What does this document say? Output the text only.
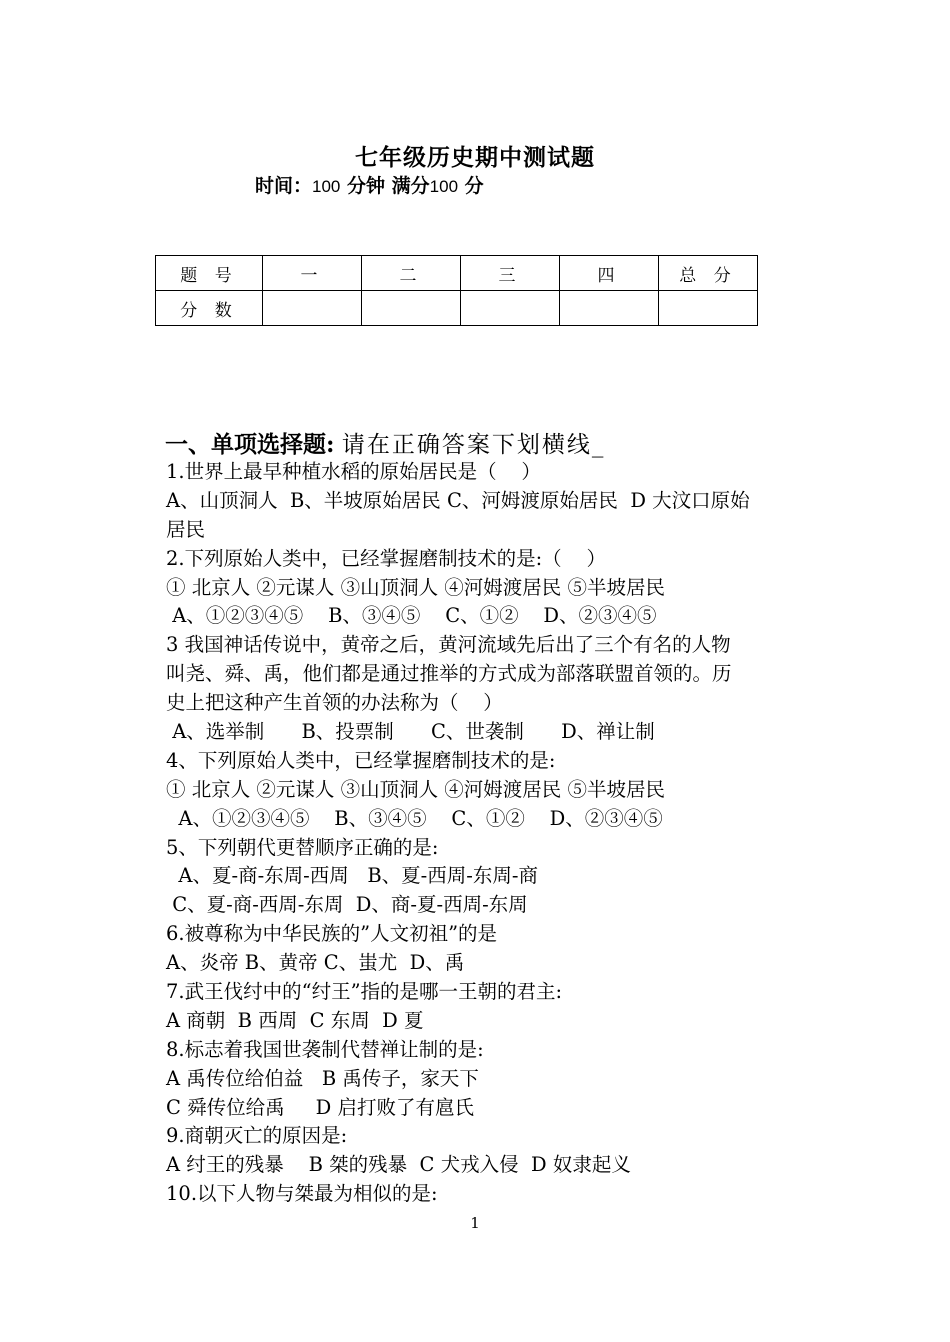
七年级历史期中测试题
时间：100 分钟 满分100 分
题 号	一	二	三	四	总 分
分 数					
一、单项选择题: 请在正确答案下划横线_
1.世界上最早种植水稻的原始居民是（    ）
A、山顶洞人  B、半坡原始居民 C、河姆渡原始居民  D 大汶口原始
居民
2.下列原始人类中，已经掌握磨制技术的是:（    ）
① 北京人 ②元谋人 ③山顶洞人 ④河姆渡居民 ⑤半坡居民
A、①②③④⑤    B、③④⑤    C、①②    D、②③④⑤
3 我国神话传说中，黄帝之后，黄河流域先后出了三个有名的人物
叫尧、舜、禹，他们都是通过推举的方式成为部落联盟首领的。历
史上把这种产生首领的办法称为（    ）
A、选举制      B、投票制      C、世袭制      D、禅让制
4、下列原始人类中，已经掌握磨制技术的是:
① 北京人 ②元谋人 ③山顶洞人 ④河姆渡居民 ⑤半坡居民
A、①②③④⑤    B、③④⑤    C、①②    D、②③④⑤
5、下列朝代更替顺序正确的是:
A、夏-商-东周-西周   B、夏-西周-东周-商
C、夏-商-西周-东周  D、商-夏-西周-东周
6.被尊称为中华民族的”人文初祖”的是
A、炎帝 B、黄帝 C、蚩尤  D、禹
7.武王伐纣中的“纣王”指的是哪一王朝的君主:
A 商朝  B 西周  C 东周  D 夏
8.标志着我国世袭制代替禅让制的是:
A 禹传位给伯益   B 禹传子，家天下
C 舜传位给禹     D 启打败了有扈氏
9.商朝灭亡的原因是:
A 纣王的残暴    B 桀的残暴  C 犬戎入侵  D 奴隶起义
10.以下人物与桀最为相似的是:
1
